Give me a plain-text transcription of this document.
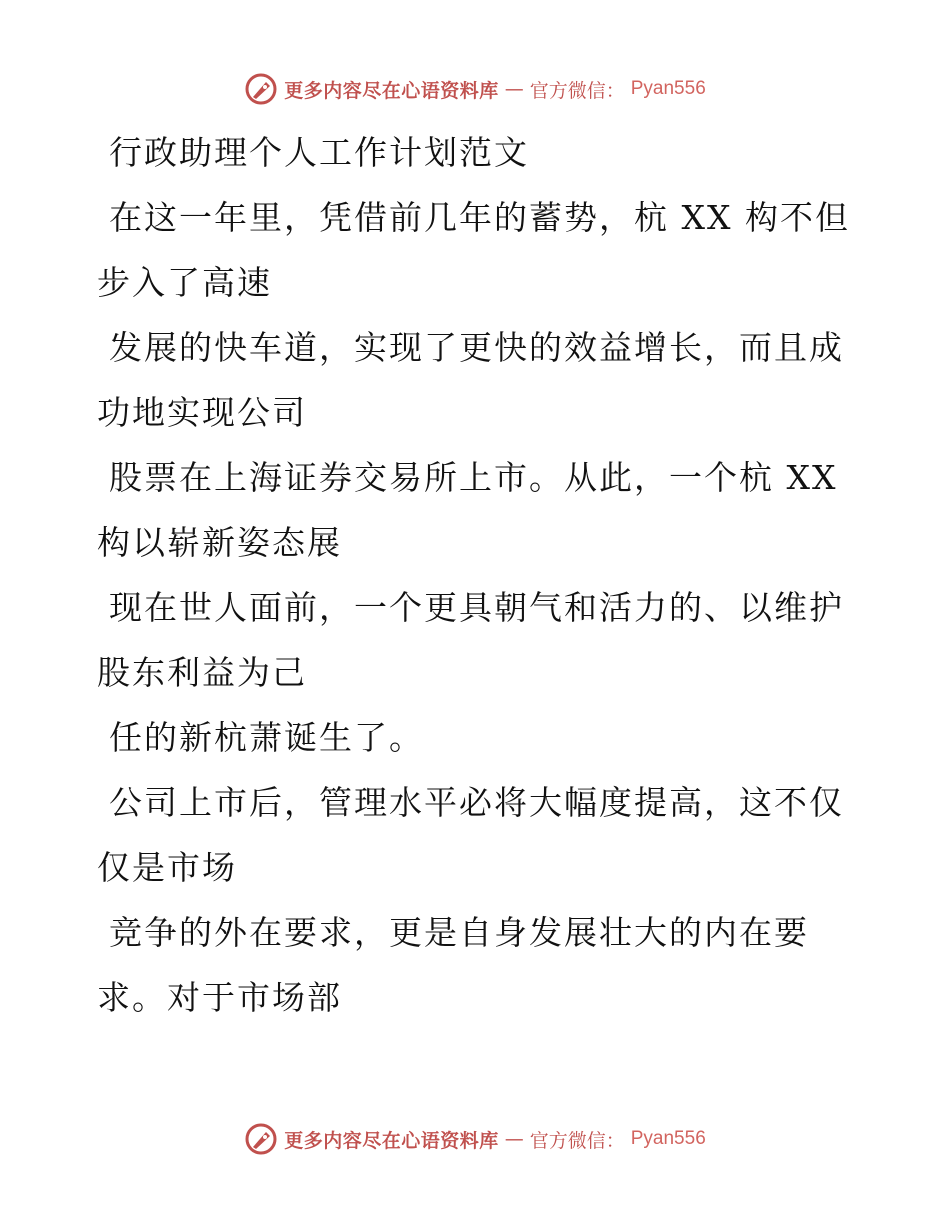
更多内容尽在心语资料库 — 官方微信： Pyan556

行政助理个人工作计划范文

在这一年里，凭借前几年的蓄势，杭 XX 构不但
步入了高速

发展的快车道，实现了更快的效益增长，而且成
功地实现公司

股票在上海证券交易所上市。从此，一个杭 XX
构以崭新姿态展

现在世人面前，一个更具朝气和活力的、以维护
股东利益为己

任的新杭萧诞生了。

公司上市后，管理水平必将大幅度提高，这不仅
仅是市场

竞争的外在要求，更是自身发展壮大的内在要
求。对于市场部

更多内容尽在心语资料库 — 官方微信： Pyan556
